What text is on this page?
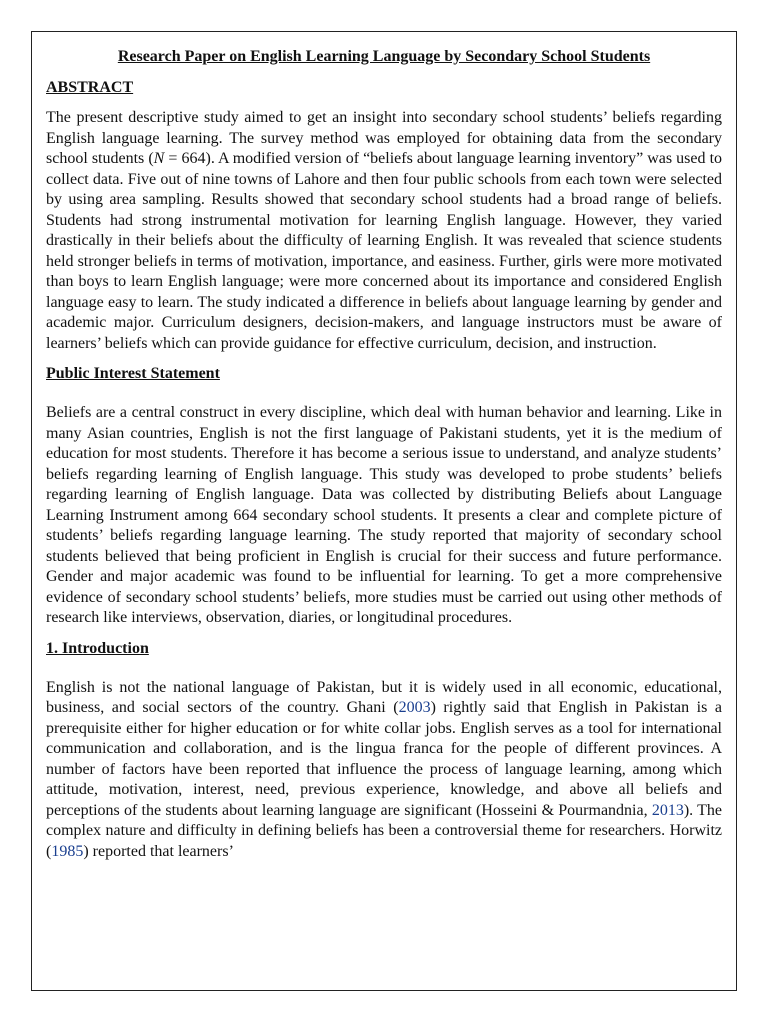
Research Paper on English Learning Language by Secondary School Students

ABSTRACT

The present descriptive study aimed to get an insight into secondary school students’ beliefs regarding English language learning. The survey method was employed for obtaining data from the secondary school students (N = 664). A modified version of “beliefs about language learning inventory” was used to collect data. Five out of nine towns of Lahore and then four public schools from each town were selected by using area sampling. Results showed that secondary school students had a broad range of beliefs. Students had strong instrumental motivation for learning English language. However, they varied drastically in their beliefs about the difficulty of learning English. It was revealed that science students held stronger beliefs in terms of motivation, importance, and easiness. Further, girls were more motivated than boys to learn English language; were more concerned about its importance and considered English language easy to learn. The study indicated a difference in beliefs about language learning by gender and academic major. Curriculum designers, decision-makers, and language instructors must be aware of learners’ beliefs which can provide guidance for effective curriculum, decision, and instruction.

Public Interest Statement

Beliefs are a central construct in every discipline, which deal with human behavior and learning. Like in many Asian countries, English is not the first language of Pakistani students, yet it is the medium of education for most students. Therefore it has become a serious issue to understand, and analyze students’ beliefs regarding learning of English language. This study was developed to probe students’ beliefs regarding learning of English language. Data was collected by distributing Beliefs about Language Learning Instrument among 664 secondary school students. It presents a clear and complete picture of students’ beliefs regarding language learning. The study reported that majority of secondary school students believed that being proficient in English is crucial for their success and future performance. Gender and major academic was found to be influential for learning. To get a more comprehensive evidence of secondary school students’ beliefs, more studies must be carried out using other methods of research like interviews, observation, diaries, or longitudinal procedures.

1. Introduction

English is not the national language of Pakistan, but it is widely used in all economic, educational, business, and social sectors of the country. Ghani (2003) rightly said that English in Pakistan is a prerequisite either for higher education or for white collar jobs. English serves as a tool for international communication and collaboration, and is the lingua franca for the people of different provinces. A number of factors have been reported that influence the process of language learning, among which attitude, motivation, interest, need, previous experience, knowledge, and above all beliefs and perceptions of the students about learning language are significant (Hosseini & Pourmandnia, 2013). The complex nature and difficulty in defining beliefs has been a controversial theme for researchers. Horwitz (1985) reported that learners’
